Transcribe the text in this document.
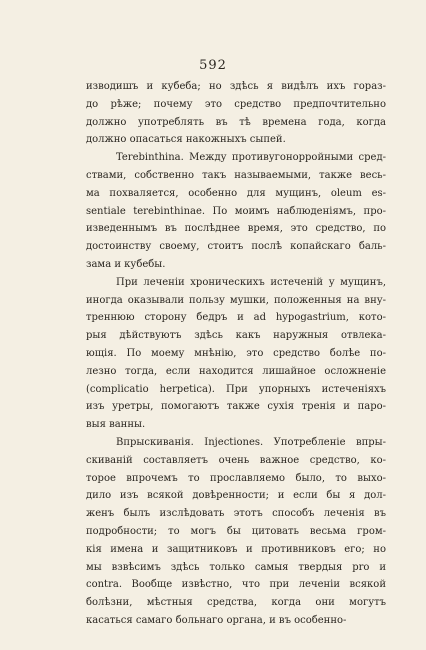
592
изводишъ и кубеба; но здѣсь я видѣлъ ихъ гораз-
до рѣже; почему это средство предпочтительно
должно употреблять въ тѣ времена года, когда
должно опасаться накожныхъ сыпей.
Terebinthina. Между противугонорройными сред-
ствами, собственно такъ называемыми, также весь-
ма похваляется, особенно для мущинъ, oleum es-
sentiale terebinthinae. По моимъ наблюденіямъ, про-
изведеннымъ въ послѣднее время, это средство, по
достоинству своему, стоитъ послѣ копайскаго баль-
зама и кубебы.
При леченіи хроническихъ истеченій у мущинъ,
иногда оказывали пользу мушки, положенныя на вну-
треннюю сторону бедръ и ad hypogastrium, кото-
рыя дѣйствуютъ здѣсь какъ наружныя отвлека-
ющія. По моему мнѣнію, это средство болѣе по-
лезно тогда, если находится лишайное осложненіе
(complicatio herpetica). При упорныхъ истеченіяхъ
изъ уретры, помогаютъ также сухія тренія и паро-
выя ванны.
Впрыскиванія. Injectiones. Употребленіе впры-
скиваній составляетъ очень важное средство, ко-
торое впрочемъ то прославляемо было, то выхо-
дило изъ всякой довѣренности; и если бы я дол-
женъ былъ изслѣдовать этотъ способъ леченія въ
подробности; то могъ бы цитовать весьма гром-
кія имена и защитниковъ и противниковъ его; но
мы взвѣсимъ здѣсь только самыя твердыя pro и
contra. Вообще извѣстно, что при леченіи всякой
болѣзни, мѣстныя средства, когда они могутъ
касаться самаго больнаго органа, и въ особенно-
